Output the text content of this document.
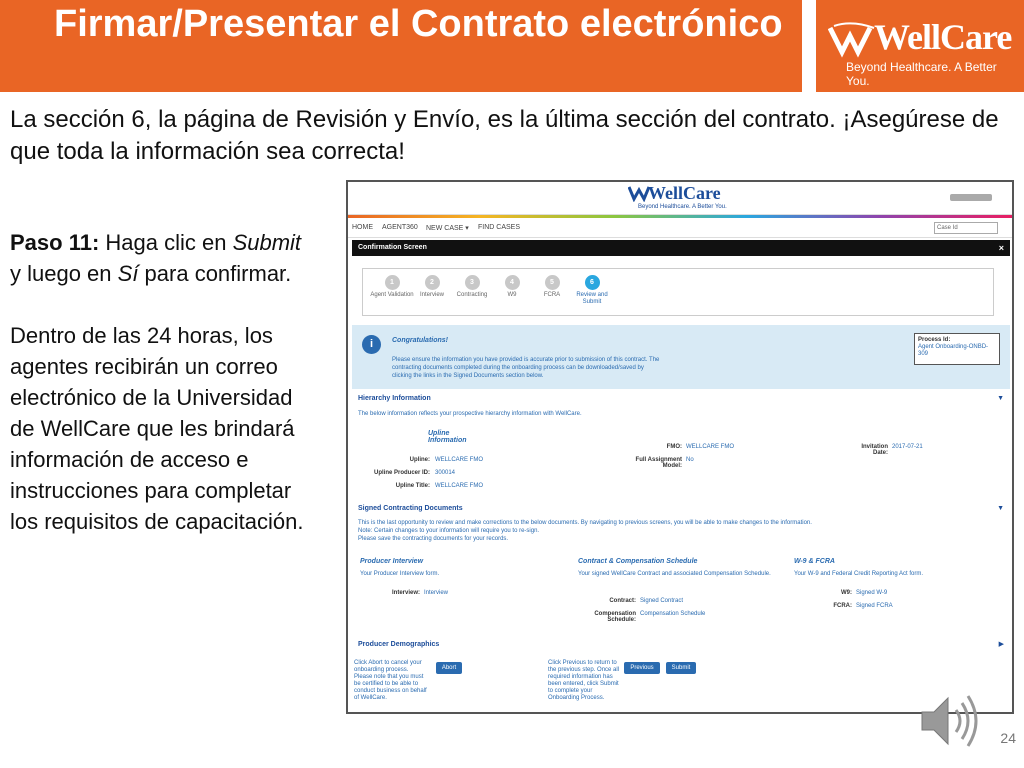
Firmar/Presentar el Contrato electrónico	WellCare
Beyond Healthcare. A Better You.
La sección 6, la página de Revisión y Envío, es la última sección del contrato. ¡Asegúrese de que toda la información sea correcta!

Paso 11: Haga clic en Submit y luego en Sí para confirmar.

Dentro de las 24 horas, los agentes recibirán un correo electrónico de la Universidad de WellCare que les brindará información de acceso e instrucciones para completar los requisitos de capacitación.

WellCare
Beyond Healthcare. A Better You.
HOME AGENT360 NEW CASE ▾ FIND CASES	Case Id
Confirmation Screen	×
1
Agent Validation
2
Interview
3
Contracting
4
W9
5
FCRA
6
Review and Submit
i	Congratulations!
Please ensure the information you have provided is accurate prior to submission of this contract. The contracting documents completed during the onboarding process can be downloaded/saved by clicking the links in the Signed Documents section below.
Process Id:
Agent Onboarding-ONBD-309
Hierarchy Information	▼
The below information reflects your prospective hierarchy information with WellCare.
Upline Information
Upline: WELLCARE FMO
Upline Producer ID: 300014
Upline Title: WELLCARE FMO
FMO: WELLCARE FMO
Full Assignment Model:
No
Invitation Date:
2017-07-21
Signed Contracting Documents	▼
This is the last opportunity to review and make corrections to the below documents. By navigating to previous screens, you will be able to make changes to the information.
Note: Certain changes to your information will require you to re-sign.
Please save the contracting documents for your records.
Producer Interview
Your Producer Interview form.
Interview: Interview
Contract & Compensation Schedule
Your signed WellCare Contract and associated Compensation Schedule.
Contract: Signed Contract
Compensation Schedule:
Compensation Schedule
W-9 & FCRA
Your W-9 and Federal Credit Reporting Act form.
W9: Signed W-9
FCRA: Signed FCRA
Producer Demographics	▶
Click Abort to cancel your onboarding process. Please note that you must be certified to be able to conduct business on behalf of WellCare.
Abort
Click Previous to return to the previous step. Once all required information has been entered, click Submit to complete your Onboarding Process.
Previous	Submit
24
